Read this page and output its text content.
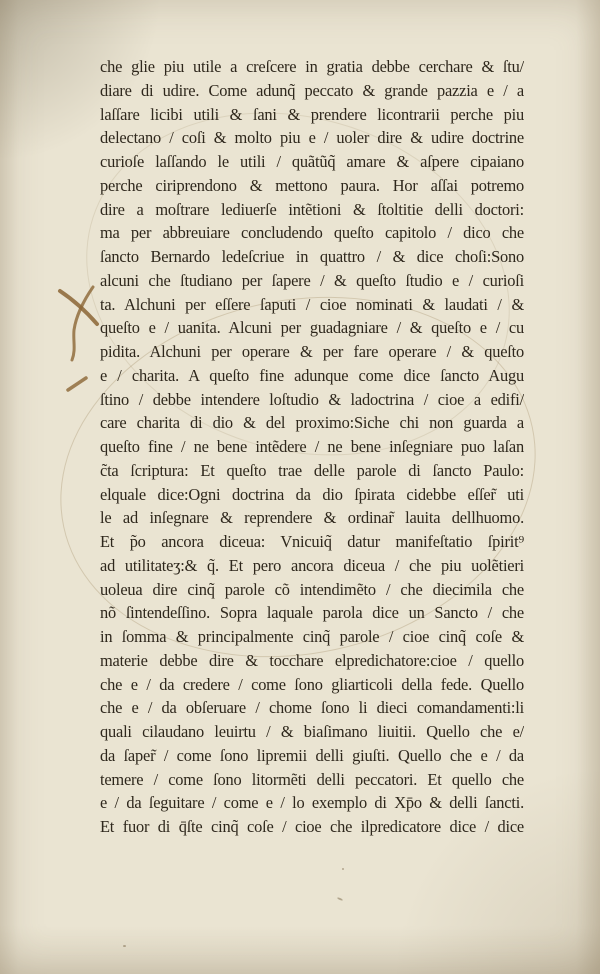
che glie piu utile a creſcere in gratia debbe cerchare & ſtu/
diare di udire. Come adunq̃ peccato & grande pazzia e / a
laſſare licibi utili & ſani & prendere licontrarii perche piu
delectano / coſi & molto piu e / uoler dire & udire doctrine
curioſe laſſando le utili / quãtũq̃ amare & aſpere cipaiano
perche ciriprendono & mettono paura. Hor aſſai potremo
dire a moſtrare lediuerſe intẽtioni & ſtoltitie delli doctori:
ma per abbreuiare concludendo queſto capitolo / dico che
ſancto Bernardo ledeſcriue in quattro / & dice choſi:Sono
alcuni che ſtudiano per ſapere / & queſto ſtudio e / curioſi
ta. Alchuni per eſſere ſaputi / cioe nominati & laudati / &
queſto e / uanita. Alcuni per guadagniare / & queſto e / cu
pidita. Alchuni per operare & per fare operare / & queſto
e / charita. A queſto fine adunque come dice ſancto Augu
ſtino / debbe intendere loſtudio & ladoctrina / cioe a edifi/
care charita di dio & del proximo:Siche chi non guarda a
queſto fine / ne bene intẽdere / ne bene inſegniare puo laſan
c̃ta ſcriptura: Et queſto trae delle parole di ſancto Paulo:
elquale dice:Ogni doctrina da dio ſpirata cidebbe eſſer̃ uti
le ad inſegnare & reprendere & ordinar̃ lauita dellhuomo.
Et p̃o ancora diceua: Vnicuiq̃ datur manifeſtatio ſpirit⁹
ad utilitateʒ:& q̃. Et pero ancora diceua / che piu uolẽtieri
uoleua dire cinq̃ parole cõ intendimẽto / che diecimila che
nõ ſintendeſſino. Sopra laquale parola dice un Sancto / che
in ſomma & principalmente cinq̃ parole / cioe cinq̃ coſe &
materie debbe dire & tocchare elpredichatore:cioe / quello
che e / da credere / come ſono gliarticoli della fede. Quello
che e / da obſeruare / chome ſono li dieci comandamenti:li
quali cilaudano leuirtu / & biaſimano liuitii. Quello che e/
da ſaper̃ / come ſono lipremii delli giuſti. Quello che e / da
temere / come ſono litormẽti delli peccatori. Et quello che
e / da ſeguitare / come e / lo exemplo di Xp̄o & delli ſancti.
Et fuor di q̄ſte cinq̃ coſe / cioe che ilpredicatore dice / dice
